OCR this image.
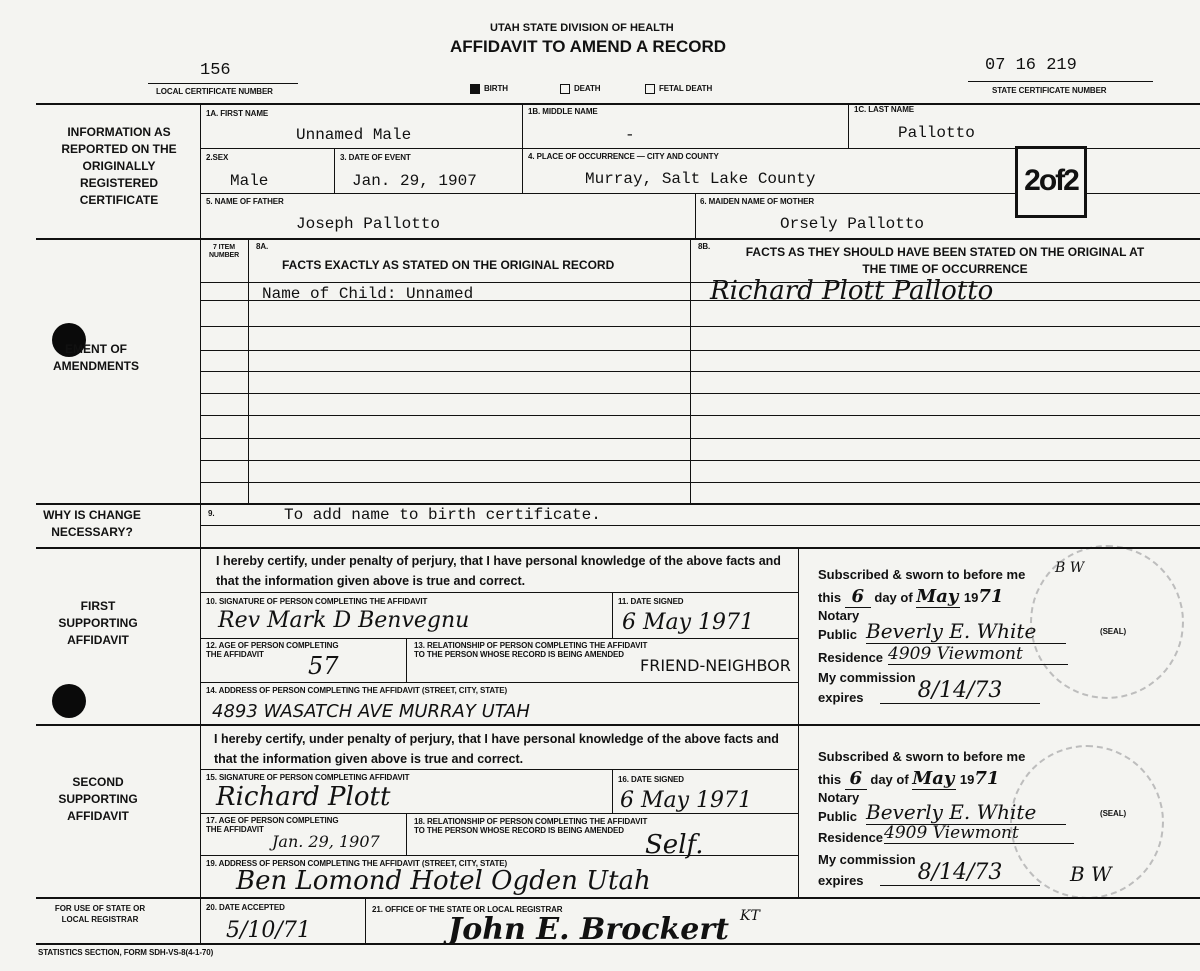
UTAH STATE DIVISION OF HEALTH
AFFIDAVIT TO AMEND A RECORD
156
LOCAL CERTIFICATE NUMBER
07 16 219
STATE CERTIFICATE NUMBER
BIRTH	DEATH	FETAL DEATH
INFORMATION AS REPORTED ON THE ORIGINALLY REGISTERED CERTIFICATE
1A. FIRST NAME
Unnamed Male
1B. MIDDLE NAME
-
1C. LAST NAME
Pallotto
2.SEX
Male
3. DATE OF EVENT
Jan. 29, 1907
4. PLACE OF OCCURRENCE — CITY AND COUNTY
Murray, Salt Lake County
5. NAME OF FATHER
Joseph Pallotto
6. MAIDEN NAME OF MOTHER
Orsely Pallotto
2of2
EMENT OF AMENDMENTS
7 ITEM NUMBER
8A.
FACTS EXACTLY AS STATED ON THE ORIGINAL RECORD
8B.	FACTS AS THEY SHOULD HAVE BEEN STATED ON THE ORIGINAL AT THE TIME OF OCCURRENCE
Name of Child: Unnamed	Richard Plott Pallotto
WHY IS CHANGE NECESSARY?
9.	To add name to birth certificate.
FIRST SUPPORTING AFFIDAVIT
I hereby certify, under penalty of perjury, that I have personal knowledge of the above facts and that the information given above is true and correct.
10. SIGNATURE OF PERSON COMPLETING THE AFFIDAVIT
Rev Mark D Benvegnu
11. DATE SIGNED
6 May 1971
12. AGE OF PERSON COMPLETING THE AFFIDAVIT	57
13. RELATIONSHIP OF PERSON COMPLETING THE AFFIDAVIT TO THE PERSON WHOSE RECORD IS BEING AMENDED
FRIEND-NEIGHBOR
14. ADDRESS OF PERSON COMPLETING THE AFFIDAVIT (STREET, CITY, STATE)
4893 WASATCH AVE MURRAY UTAH
Subscribed & sworn to before me B W
this 6 day of May 1971
Notary
Public Beverly E. White	(SEAL)
Residence 4909 Viewmont
My commission
expires	8/14/73
SECOND SUPPORTING AFFIDAVIT
I hereby certify, under penalty of perjury, that I have personal knowledge of the above facts and that the information given above is true and correct.
15. SIGNATURE OF PERSON COMPLETING AFFIDAVIT
Richard Plott
16. DATE SIGNED
6 May 1971
17. AGE OF PERSON COMPLETING THE AFFIDAVIT
Jan. 29, 1907
18. RELATIONSHIP OF PERSON COMPLETING THE AFFIDAVIT TO THE PERSON WHOSE RECORD IS BEING AMENDED Self.
19. ADDRESS OF PERSON COMPLETING THE AFFIDAVIT (STREET, CITY, STATE)
Ben Lomond Hotel Ogden Utah
Subscribed & sworn to before me
this 6 day of May 1971
Notary
Public Beverly E. White	(SEAL)
Residence 4909 Viewmont
My commission
expires	8/14/73	B W
FOR USE OF STATE OR LOCAL REGISTRAR
20. DATE ACCEPTED
5/10/71
21. OFFICE OF THE STATE OR LOCAL REGISTRAR
John E. Brockert KT
STATISTICS SECTION, FORM SDH-VS-8(4-1-70)
